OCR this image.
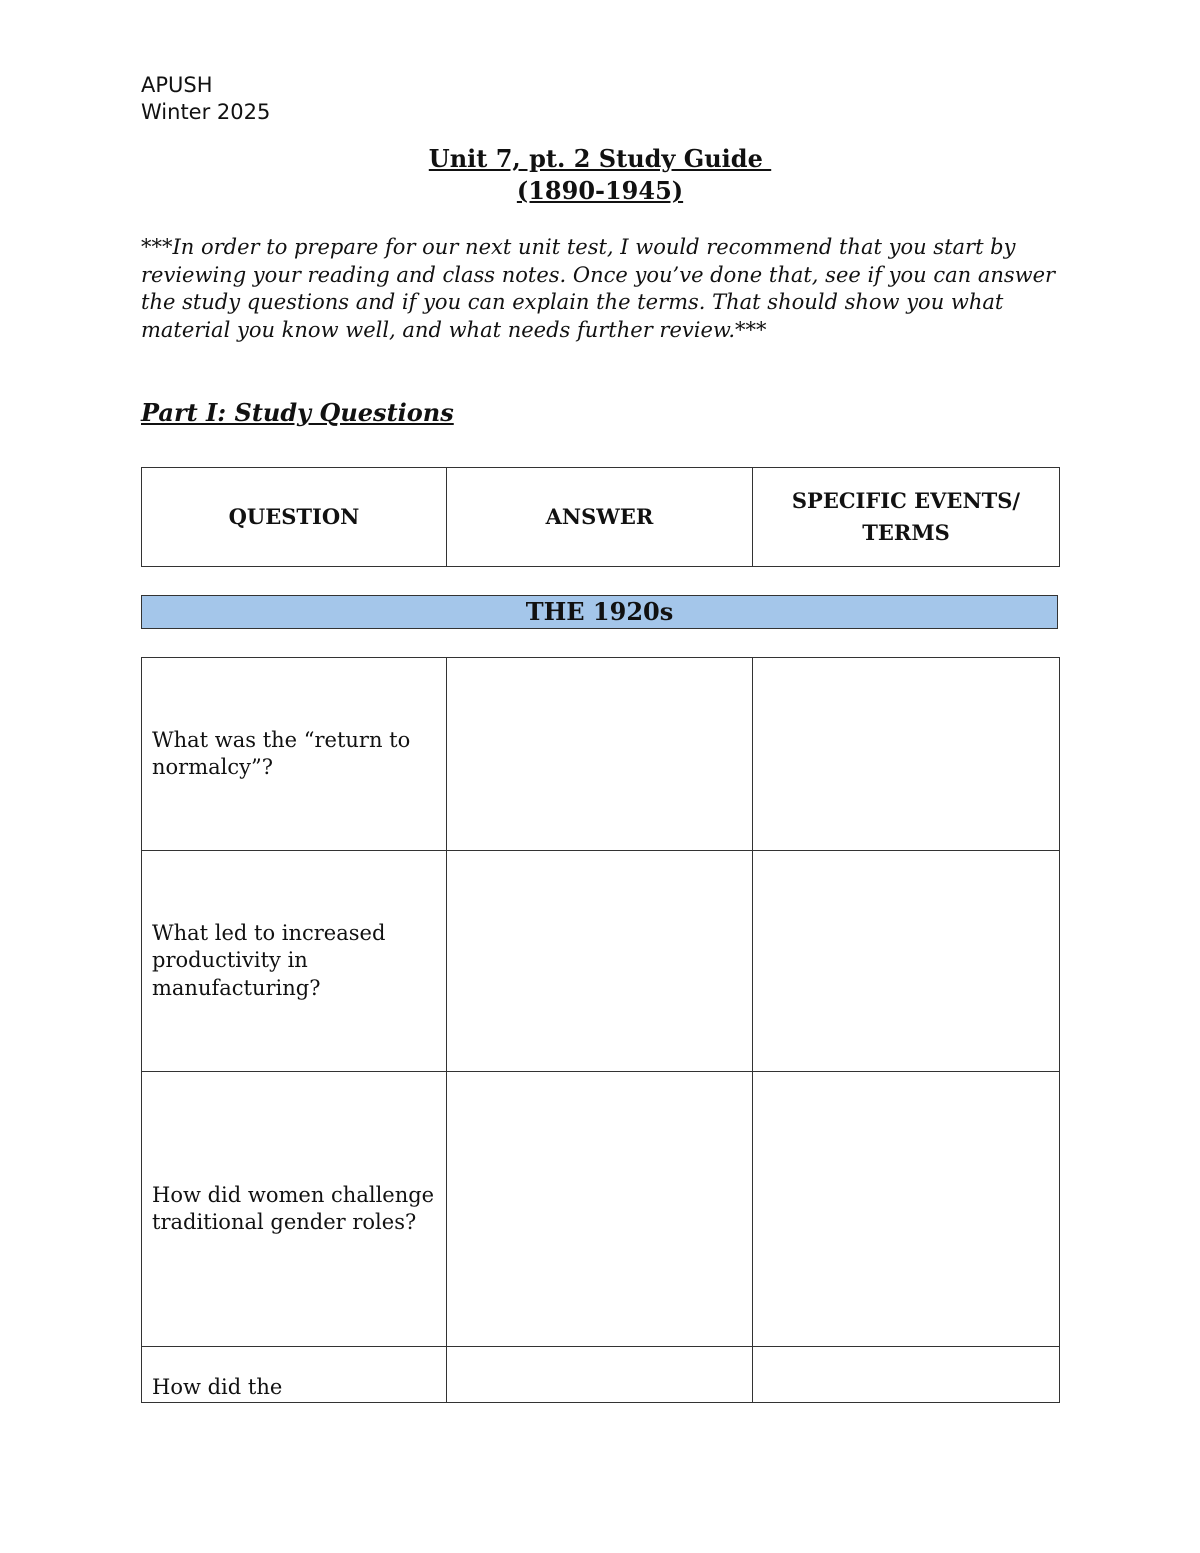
APUSH
Winter 2025
Unit 7, pt. 2 Study Guide
(1890-1945)
***In order to prepare for our next unit test, I would recommend that you start by reviewing your reading and class notes. Once you’ve done that, see if you can answer the study questions and if you can explain the terms. That should show you what material you know well, and what needs further review.***
Part I: Study Questions
QUESTION	ANSWER	SPECIFIC EVENTS/ TERMS
THE 1920s
What was the “return to normalcy”?		
What led to increased productivity in manufacturing?		
How did women challenge traditional gender roles?		

How did the		
